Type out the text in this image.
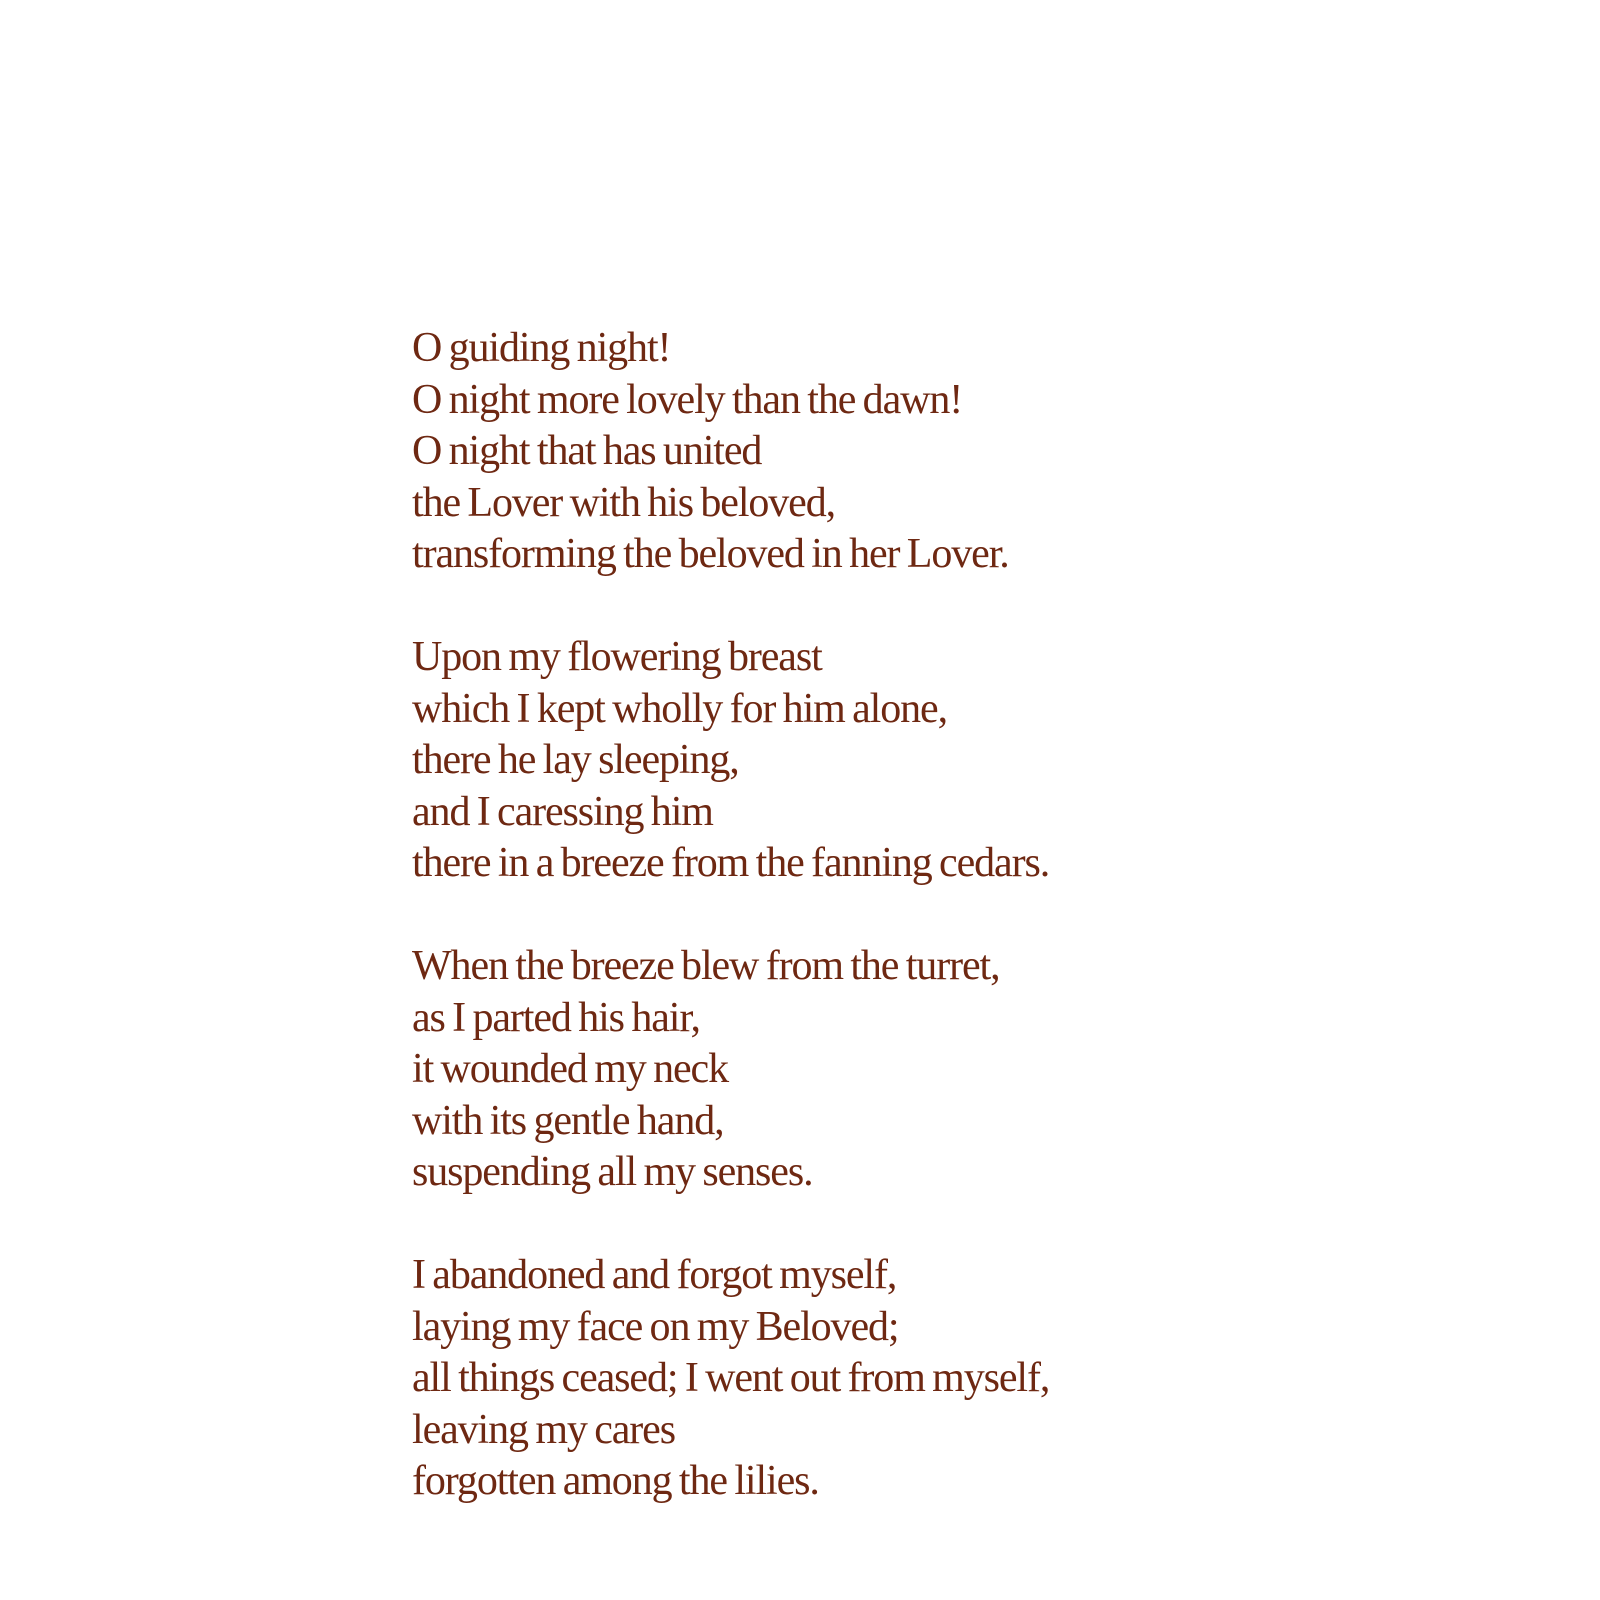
O guiding night!
O night more lovely than the dawn!
O night that has united
the Lover with his beloved,
transforming the beloved in her Lover.
Upon my flowering breast
which I kept wholly for him alone,
there he lay sleeping,
and I caressing him
there in a breeze from the fanning cedars.
When the breeze blew from the turret,
as I parted his hair,
it wounded my neck
with its gentle hand,
suspending all my senses.
I abandoned and forgot myself,
laying my face on my Beloved;
all things ceased; I went out from myself,
leaving my cares
forgotten among the lilies.
